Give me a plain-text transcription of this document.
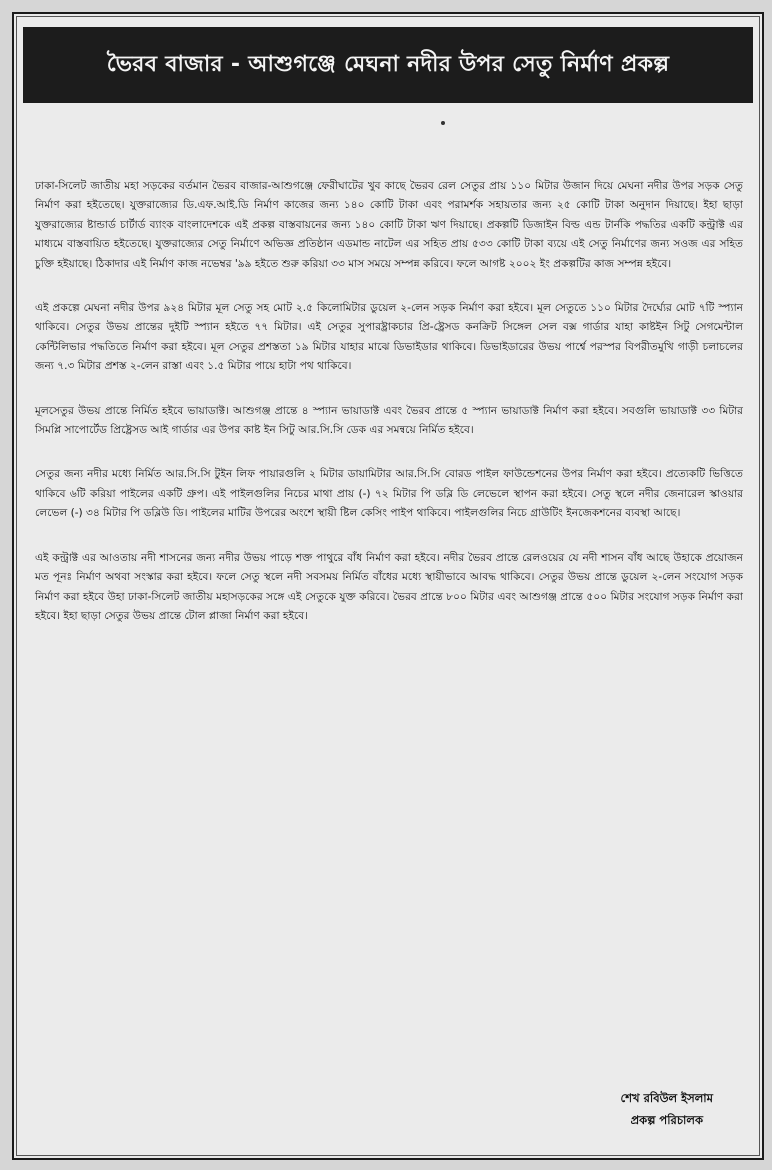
ভৈরব বাজার - আশুগঞ্জে মেঘনা নদীর উপর সেতু নির্মাণ প্রকল্প

ঢাকা-সিলেট জাতীয় মহা সড়কের বর্তমান ভৈরব বাজার-আশুগঞ্জে ফেরীঘাটের খুব কাছে ভৈরব রেল সেতুর প্রায় ১১০ মিটার উজান দিয়ে মেঘনা নদীর উপর সড়ক সেতু নির্মাণ করা হইতেছে। যুক্তরাজ্যের ডি.এফ.আই.ডি নির্মাণ কাজের জন্য ১৪০ কোটি টাকা এবং পরামর্শক সহায়তার জন্য ২৫ কোটি টাকা অনুদান দিয়াছে। ইহা ছাড়া যুক্তরাজ্যের ষ্টান্ডার্ড চার্টার্ড ব্যাংক বাংলাদেশকে এই প্রকল্প বাস্তবায়নের জন্য ১৪০ কোটি টাকা ঋণ দিয়াছে। প্রকল্পটি ডিজাইন বিল্ড এন্ড টার্নকি পদ্ধতির একটি কন্ট্রাক্ট এর মাধ্যমে বাস্তবায়িত হইতেছে। যুক্তরাজ্যের সেতু নির্মাণে অভিজ্ঞ প্রতিষ্ঠান এডমান্ড নাটেল এর সহিত প্রায় ৫৩৩ কোটি টাকা ব্যয়ে এই সেতু নির্মাণের জন্য সওজ এর সহিত চুক্তি হইয়াছে। ঠিকাদার এই নির্মাণ কাজ নভেম্বর '৯৯ হইতে শুরু করিয়া ৩৩ মাস সময়ে সম্পন্ন করিবে। ফলে আগষ্ট ২০০২ ইং প্রকল্পটির কাজ সম্পন্ন হইবে।

এই প্রকল্পে মেঘনা নদীর উপর ৯২৪ মিটার মূল সেতু সহ মোট ২.৫ কিলোমিটার ডুয়েল ২-লেন সড়ক নির্মাণ করা হইবে। মূল সেতুতে ১১০ মিটার দৈর্ঘ্যের মোট ৭টি স্প্যান থাকিবে। সেতুর উভয় প্রান্তের দুইটি স্প্যান হইতে ৭৭ মিটার। এই সেতুর সুপারষ্ট্রাকচার প্রি-ষ্ট্রেসড কনক্রিট সিঙ্গেল সেল বক্স গার্ডার যাহা কাষ্টইন সিটু সেগমেন্টাল কেন্টিলিভার পদ্ধতিতে নির্মাণ করা হইবে। মূল সেতুর প্রশস্ততা ১৯ মিটার যাহার মাঝে ডিভাইডার থাকিবে। ডিভাইডারের উভয় পার্শ্বে পরস্পর বিপরীতমুখি গাড়ী চলাচলের জন্য ৭.৩ মিটার প্রশস্ত ২-লেন রাস্তা এবং ১.৫ মিটার পায়ে হাটা পথ থাকিবে।

মূলসেতুর উভয় প্রান্তে নির্মিত হইবে ভায়াডাক্ট। আশুগঞ্জ প্রান্তে ৪ স্প্যান ভায়াডাক্ট এবং ভৈরব প্রান্তে ৫ স্প্যান ভায়াডাক্ট নির্মাণ করা হইবে। সবগুলি ভায়াডাক্ট ৩৩ মিটার সিমপ্লি সাপোর্টেড প্রিষ্ট্রেসড আই গার্ডার এর উপর কাষ্ট ইন সিটু আর.সি.সি ডেক এর সমন্বয়ে নির্মিত হইবে।

সেতুর জন্য নদীর মধ্যে নির্মিত আর.সি.সি টুইন লিফ পায়ারগুলি ২ মিটার ডায়ামিটার আর.সি.সি বোরড পাইল ফাউন্ডেশনের উপর নির্মাণ করা হইবে। প্রত্যেকটি ভিত্তিতে থাকিবে ৬টি করিয়া পাইলের একটি গ্রুপ। এই পাইলগুলির নিচের মাথা প্রায় (-) ৭২ মিটার পি ডব্লি ডি লেভেলে স্থাপন করা হইবে। সেতু স্থলে নদীর জেনারেল স্কাওয়ার লেভেল (-) ৩৪ মিটার পি ডব্লিউ ডি। পাইলের মাটির উপরের অংশে স্থায়ী ষ্টিল কেসিং পাইপ থাকিবে। পাইলগুলির নিচে গ্রাউটিং ইনজেকশনের ব্যবস্থা আছে।

এই কন্ট্রাক্ট এর আওতায় নদী শাসনের জন্য নদীর উভয় পাড়ে শক্ত পাথুরে বাঁধ নির্মাণ করা হইবে। নদীর ভৈরব প্রান্তে রেলওয়ের যে নদী শাসন বাঁধ আছে উহাকে প্রয়োজন মত পূনঃ নির্মাণ অথবা সংস্কার করা হইবে। ফলে সেতু স্থলে নদী সবসময় নির্মিত বাঁধের মধ্যে স্থায়ীভাবে আবদ্ধ থাকিবে। সেতুর উভয় প্রান্তে ডুয়েল ২-লেন সংযোগ সড়ক নির্মাণ করা হইবে উহা ঢাকা-সিলেট জাতীয় মহাসড়কের সঙ্গে এই সেতুকে যুক্ত করিবে। ভৈরব প্রান্তে ৮০০ মিটার এবং আশুগঞ্জ প্রান্তে ৫০০ মিটার সংযোগ সড়ক নির্মাণ করা হইবে। ইহা ছাড়া সেতুর উভয় প্রান্তে টোল প্লাজা নির্মাণ করা হইবে।

শেখ রবিউল ইসলাম
প্রকল্প পরিচালক
